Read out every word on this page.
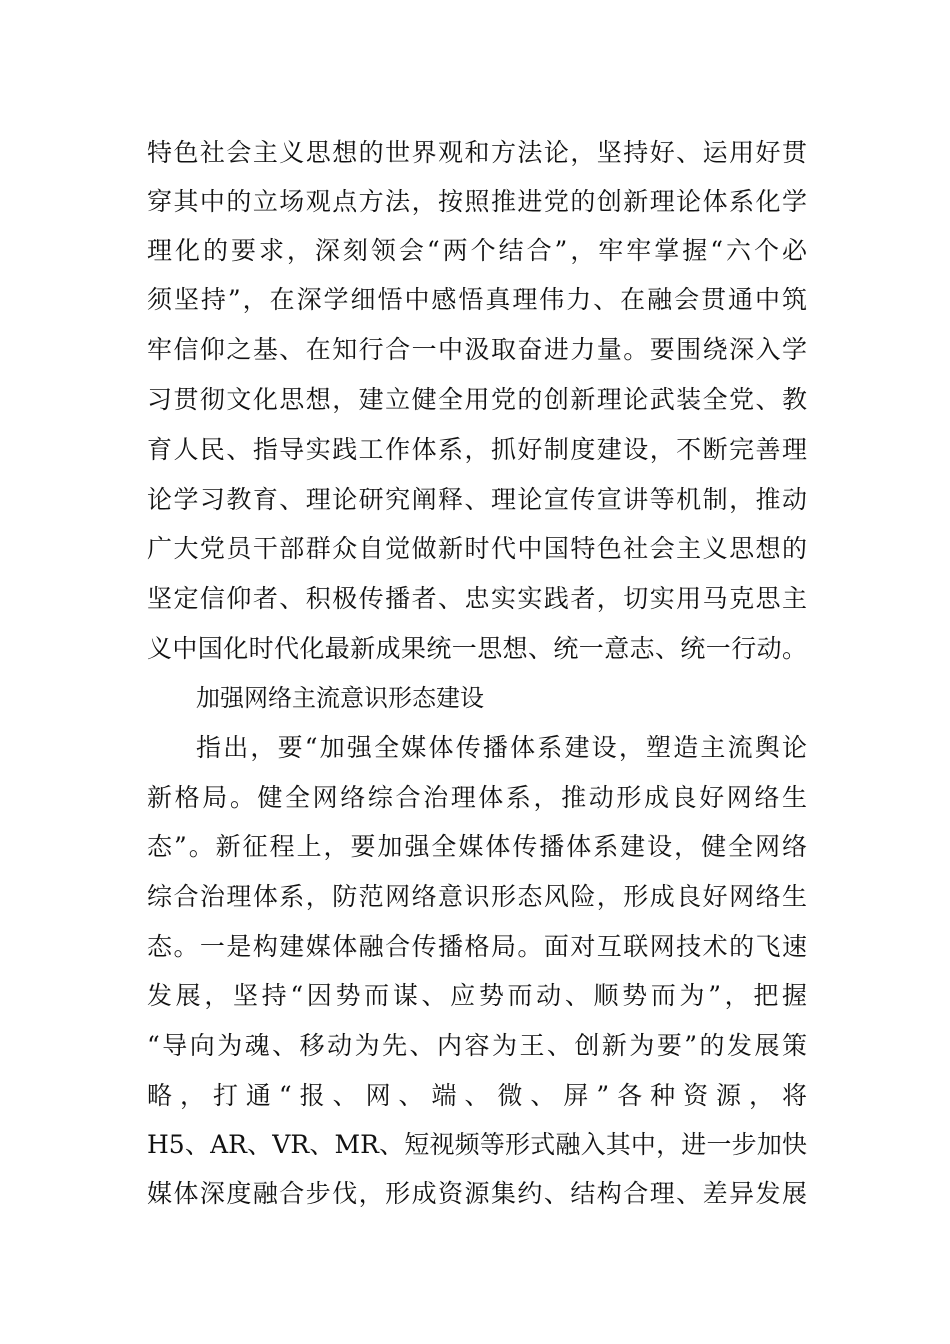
特色社会主义思想的世界观和方法论，坚持好、运用好贯
穿其中的立场观点方法，按照推进党的创新理论体系化学
理化的要求，深刻领会“两个结合”，牢牢掌握“六个必
须坚持”，在深学细悟中感悟真理伟力、在融会贯通中筑
牢信仰之基、在知行合一中汲取奋进力量。要围绕深入学
习贯彻文化思想，建立健全用党的创新理论武装全党、教
育人民、指导实践工作体系，抓好制度建设，不断完善理
论学习教育、理论研究阐释、理论宣传宣讲等机制，推动
广大党员干部群众自觉做新时代中国特色社会主义思想的
坚定信仰者、积极传播者、忠实实践者，切实用马克思主
义中国化时代化最新成果统一思想、统一意志、统一行动。
加强网络主流意识形态建设
指出，要“加强全媒体传播体系建设，塑造主流舆论
新格局。健全网络综合治理体系，推动形成良好网络生
态”。新征程上，要加强全媒体传播体系建设，健全网络
综合治理体系，防范网络意识形态风险，形成良好网络生
态。一是构建媒体融合传播格局。面对互联网技术的飞速
发展，坚持“因势而谋、应势而动、顺势而为”，把握
“导向为魂、移动为先、内容为王、创新为要”的发展策
略，打通“报、网、端、微、屏”各种资源，将
H5、AR、VR、MR、短视频等形式融入其中，进一步加快
媒体深度融合步伐，形成资源集约、结构合理、差异发展
